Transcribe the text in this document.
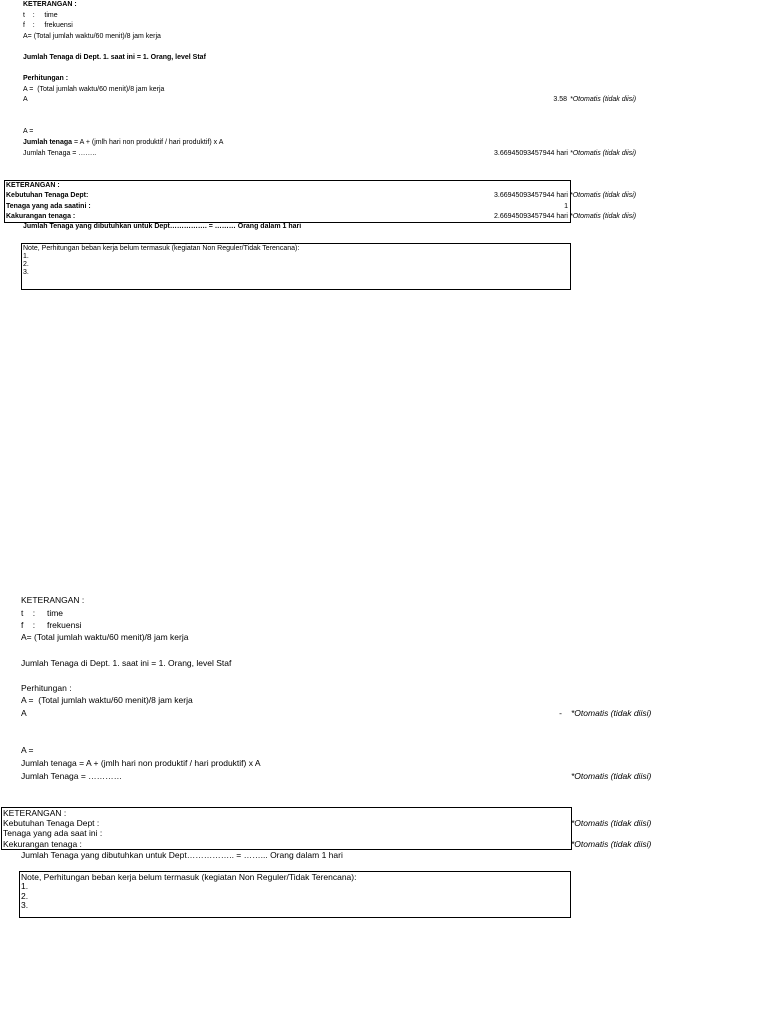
KETERANGAN :
t    :     time
f    :     frekuensi
A= (Total jumlah waktu/60 menit)/8 jam kerja
Jumlah Tenaga di Dept. 1. saat ini = 1. Orang, level Staf
Perhitungan :
A =  (Total jumlah waktu/60 menit)/8 jam kerja
A	3.58 *Otomatis (tidak diisi)
A =
Jumlah tenaga = A + (jmlh hari non produktif / hari produktif) x A
Jumlah Tenaga = ……..	3.66945093457944 hari *Otomatis (tidak diisi)
KETERANGAN :
Kebutuhan Tenaga Dept:	3.66945093457944 hari *Otomatis (tidak diisi)
Tenaga yang ada saatini :	1
Kakurangan tenaga :	2.66945093457944 hari *Otomatis (tidak diisi)
Jumlah Tenaga yang dibutuhkan untuk Dept……………. = ……… Orang dalam 1 hari
Note, Perhitungan beban kerja belum termasuk (kegiatan Non Reguler/Tidak Terencana):
1.
2.
3.
KETERANGAN :
t    :     time
f    :     frekuensi
A= (Total jumlah waktu/60 menit)/8 jam kerja
Jumlah Tenaga di Dept. 1. saat ini = 1. Orang, level Staf
Perhitungan :
A =  (Total jumlah waktu/60 menit)/8 jam kerja
A	- *Otomatis (tidak diisi)
A =
Jumlah tenaga = A + (jmlh hari non produktif / hari produktif) x A
Jumlah Tenaga = …………	*Otomatis (tidak diisi)
KETERANGAN :
Kebutuhan Tenaga Dept :	*Otomatis (tidak diisi)
Tenaga yang ada saat ini :
Kekurangan tenaga :	*Otomatis (tidak diisi)
Jumlah Tenaga yang dibutuhkan untuk Dept…………….. = ……... Orang dalam 1 hari
Note, Perhitungan beban kerja belum termasuk (kegiatan Non Reguler/Tidak Terencana):
1.
2.
3.
